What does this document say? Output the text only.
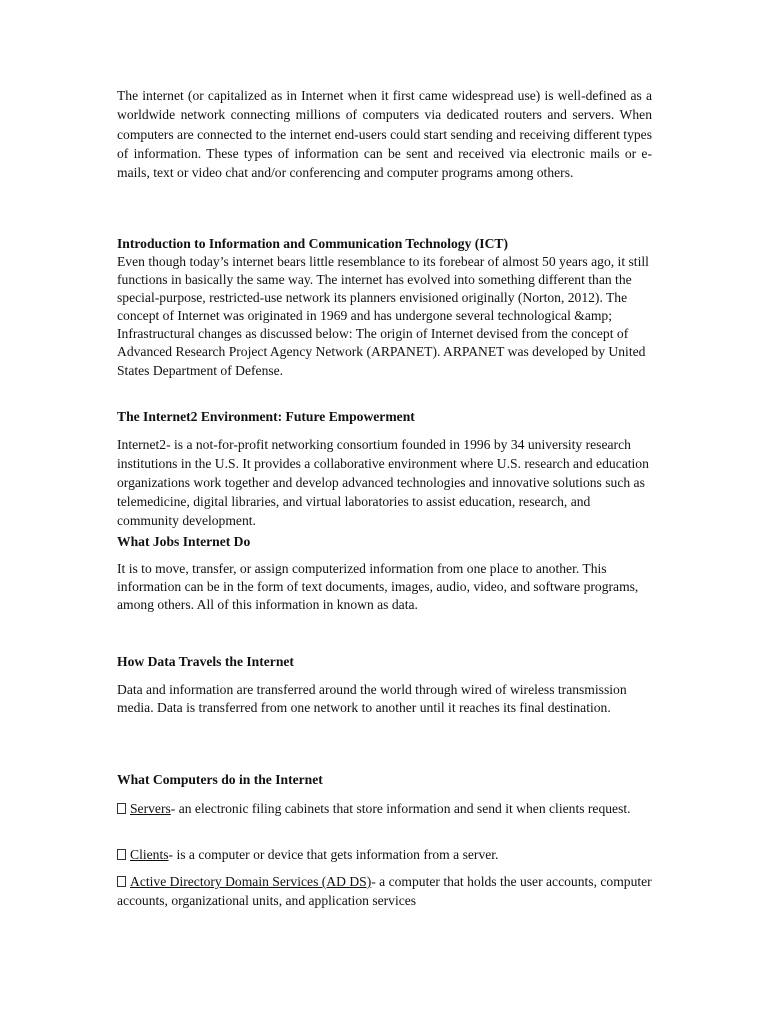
The internet (or capitalized as in Internet when it first came widespread use) is well-defined as a worldwide network connecting millions of computers via dedicated routers and servers. When computers are connected to the internet end-users could start sending and receiving different types of information. These types of information can be sent and received via electronic mails or e-mails, text or video chat and/or conferencing and computer programs among others.

Introduction to Information and Communication Technology (ICT)

Even though today’s internet bears little resemblance to its forebear of almost 50 years ago, it still functions in basically the same way. The internet has evolved into something different than the special-purpose, restricted-use network its planners envisioned originally (Norton, 2012). The concept of Internet was originated in 1969 and has undergone several technological &amp; Infrastructural changes as discussed below: The origin of Internet devised from the concept of Advanced Research Project Agency Network (ARPANET). ARPANET was developed by United States Department of Defense.

The Internet2 Environment: Future Empowerment

Internet2- is a not-for-profit networking consortium founded in 1996 by 34 university research institutions in the U.S. It provides a collaborative environment where U.S. research and education organizations work together and develop advanced technologies and innovative solutions such as telemedicine, digital libraries, and virtual laboratories to assist education, research, and community development.

What Jobs Internet Do

It is to move, transfer, or assign computerized information from one place to another. This information can be in the form of text documents, images, audio, video, and software programs, among others. All of this information in known as data.

How Data Travels the Internet

Data and information are transferred around the world through wired of wireless transmission media. Data is transferred from one network to another until it reaches its final destination.

What Computers do in the Internet

Servers- an electronic filing cabinets that store information and send it when clients request.

Clients- is a computer or device that gets information from a server.

Active Directory Domain Services (AD DS)- a computer that holds the user accounts, computer accounts, organizational units, and application services
